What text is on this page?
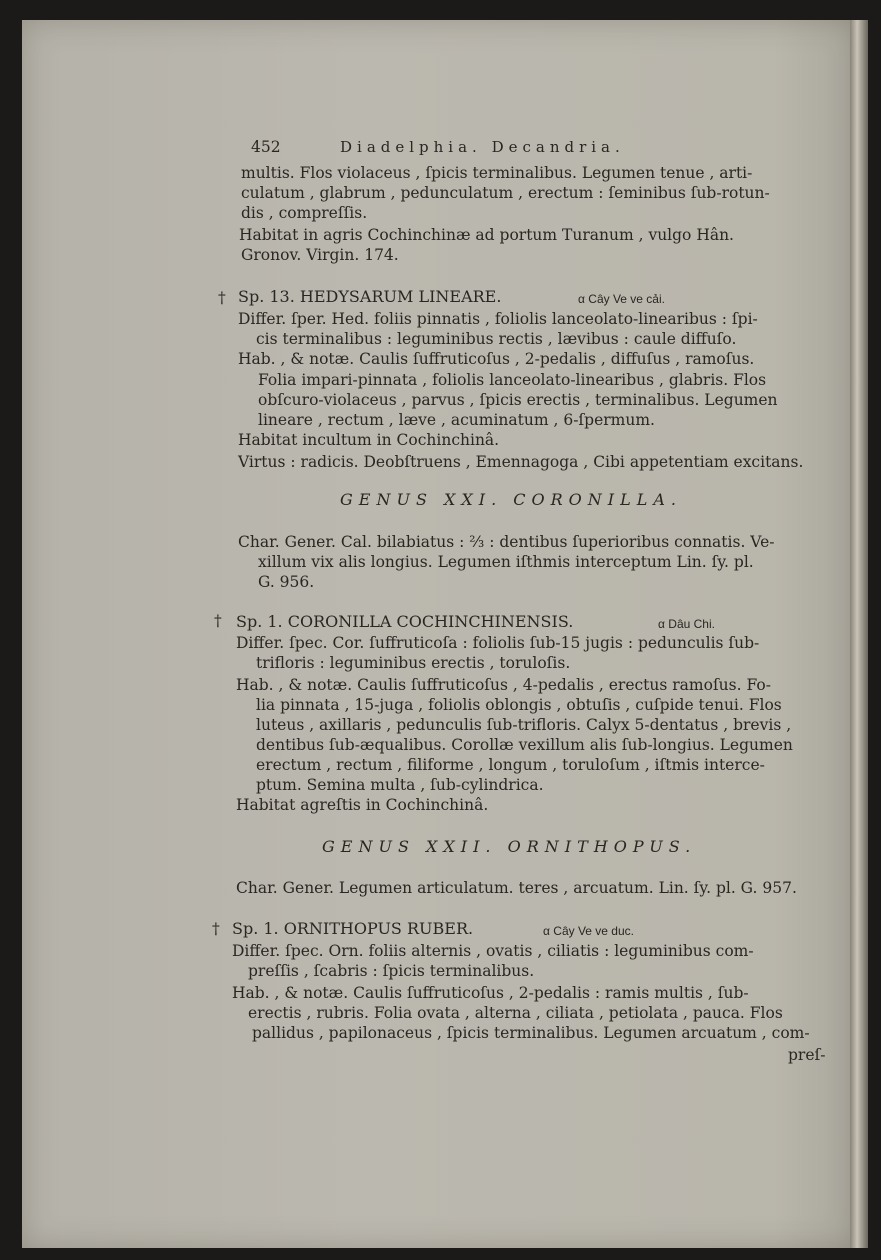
452	Diadelphia. Decandria.
multis. Flos violaceus , ſpicis terminalibus. Legumen tenue , arti-
culatum , glabrum , pedunculatum , erectum : ſeminibus ſub-rotun-
dis , compreſſis.
Habitat in agris Cochinchinæ ad portum Turanum , vulgo Hân.
Gronov. Virgin. 174.
† Sp. 13. HEDYSARUM LINEARE.	α Cây Ve ve cải.
Differ. ſper. Hed. foliis pinnatis , foliolis lanceolato-linearibus : ſpi-
cis terminalibus : leguminibus rectis , lævibus : caule diffuſo.
Hab. , & notæ. Caulis ſuffruticoſus , 2-pedalis , diffuſus , ramoſus.
Folia impari-pinnata , foliolis lanceolato-linearibus , glabris. Flos
obſcuro-violaceus , parvus , ſpicis erectis , terminalibus. Legumen
lineare , rectum , læve , acuminatum , 6-ſpermum.
Habitat incultum in Cochinchinâ.
Virtus : radicis. Deobſtruens , Emennagoga , Cibi appetentiam excitans.
GENUS XXI. CORONILLA.
Char. Gener. Cal. bilabiatus : ⅔ : dentibus ſuperioribus connatis. Ve-
xillum vix alis longius. Legumen iſthmis interceptum Lin. ſy. pl.
G. 956.
† Sp. 1. CORONILLA COCHINCHINENSIS.	α Dâu Chi.
Differ. ſpec. Cor. ſuffruticoſa : foliolis ſub-15 jugis : pedunculis ſub-
trifloris : leguminibus erectis , toruloſis.
Hab. , & notæ. Caulis ſuffruticoſus , 4-pedalis , erectus ramoſus. Fo-
lia pinnata , 15-juga , foliolis oblongis , obtuſis , cuſpide tenui. Flos
luteus , axillaris , pedunculis ſub-trifloris. Calyx 5-dentatus , brevis ,
dentibus ſub-æqualibus. Corollæ vexillum alis ſub-longius. Legumen
erectum , rectum , filiforme , longum , toruloſum , iſtmis interce-
ptum. Semina multa , ſub-cylindrica.
Habitat agreſtis in Cochinchinâ.
GENUS XXII. ORNITHOPUS.
Char. Gener. Legumen articulatum. teres , arcuatum. Lin. ſy. pl. G. 957.
† Sp. 1. ORNITHOPUS RUBER.	α Cây Ve ve duc.
Differ. ſpec. Orn. foliis alternis , ovatis , ciliatis : leguminibus com-
preſſis , ſcabris : ſpicis terminalibus.
Hab. , & notæ. Caulis ſuffruticoſus , 2-pedalis : ramis multis , ſub-
erectis , rubris. Folia ovata , alterna , ciliata , petiolata , pauca. Flos
pallidus , papilonaceus , ſpicis terminalibus. Legumen arcuatum , com-
preſ-
